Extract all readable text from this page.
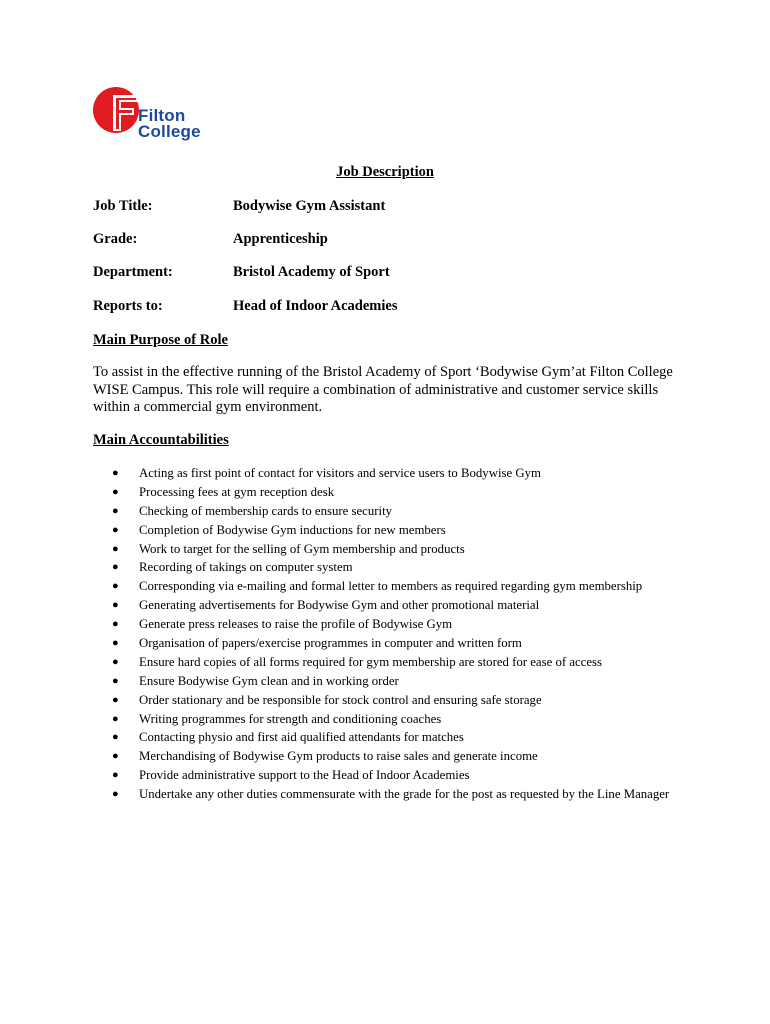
Filton
College
Job Description
Job Title:	Bodywise Gym Assistant
Grade:	Apprenticeship
Department:	Bristol Academy of Sport
Reports to:	Head of Indoor Academies
Main Purpose of Role

To assist in the effective running of the Bristol Academy of Sport ‘Bodywise Gym’at Filton College WISE Campus. This role will require a combination of administrative and customer service skills within a commercial gym environment.

Main Accountabilities
● Acting as first point of contact for visitors and service users to Bodywise Gym
● Processing fees at gym reception desk
● Checking of membership cards to ensure security
● Completion of Bodywise Gym inductions for new members
● Work to target for the selling of Gym membership and products
● Recording of takings on computer system
● Corresponding via e-mailing and formal letter to members as required regarding gym membership
● Generating advertisements for Bodywise Gym and other promotional material
● Generate press releases to raise the profile of Bodywise Gym
● Organisation of papers/exercise programmes in computer and written form
● Ensure hard copies of all forms required for gym membership are stored for ease of access
● Ensure Bodywise Gym clean and in working order
● Order stationary and be responsible for stock control and ensuring safe storage
● Writing programmes for strength and conditioning coaches
● Contacting physio and first aid qualified attendants for matches
● Merchandising of Bodywise Gym products to raise sales and generate income
● Provide administrative support to the Head of Indoor Academies
● Undertake any other duties commensurate with the grade for the post as requested by the Line Manager
